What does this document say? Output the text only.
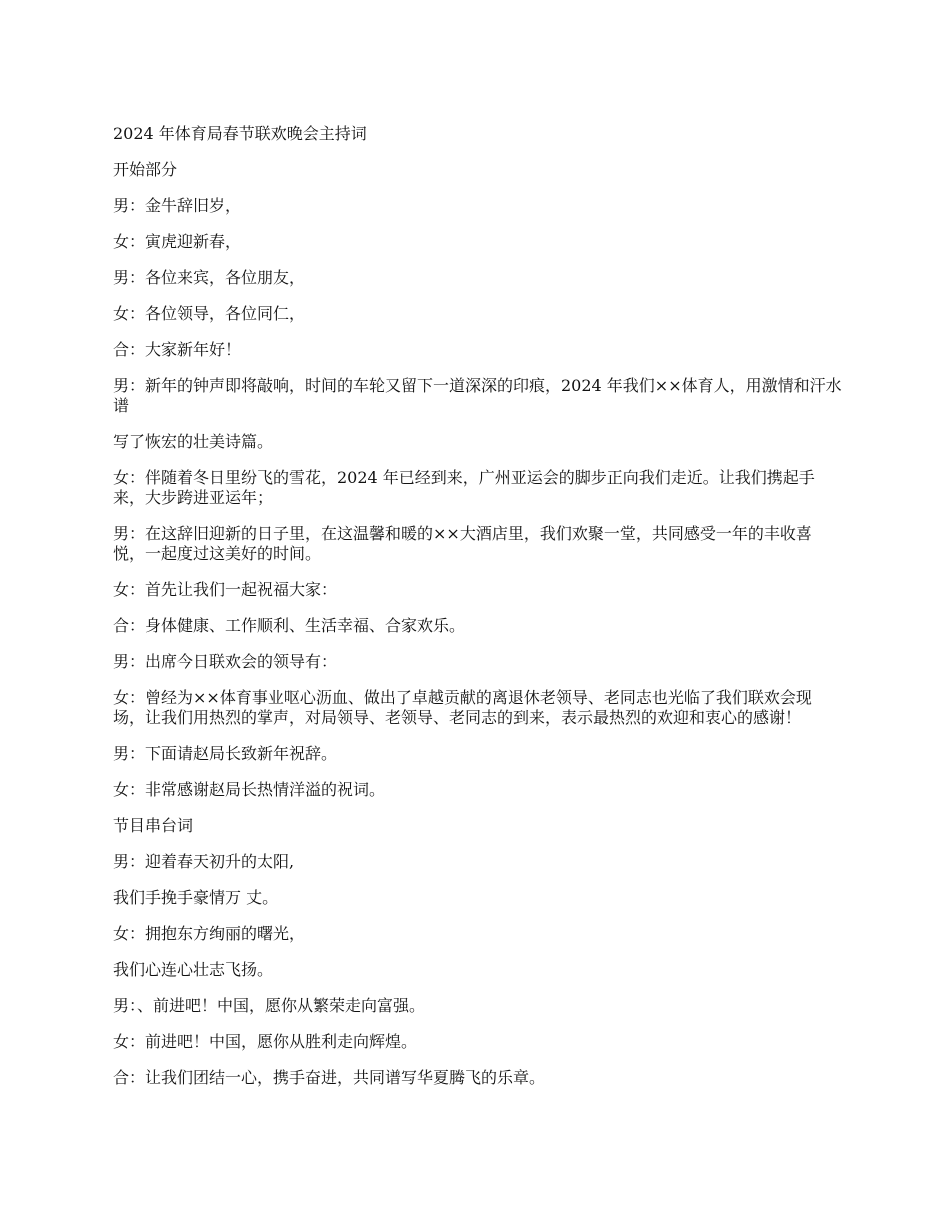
2024 年体育局春节联欢晚会主持词

开始部分

男：金牛辞旧岁，

女：寅虎迎新春，

男：各位来宾，各位朋友，

女：各位领导，各位同仁，

合：大家新年好！

男：新年的钟声即将敲响，时间的车轮又留下一道深深的印痕，2024 年我们××体育人，用激情和汗水谱

写了恢宏的壮美诗篇。

女：伴随着冬日里纷飞的雪花，2024 年已经到来，广州亚运会的脚步正向我们走近。让我们携起手来，大步跨进亚运年；

男：在这辞旧迎新的日子里，在这温馨和暖的××大酒店里，我们欢聚一堂，共同感受一年的丰收喜悦，一起度过这美好的时间。

女：首先让我们一起祝福大家：

合：身体健康、工作顺利、生活幸福、合家欢乐。

男：出席今日联欢会的领导有：

女：曾经为××体育事业呕心沥血、做出了卓越贡献的离退休老领导、老同志也光临了我们联欢会现场，让我们用热烈的掌声，对局领导、老领导、老同志的到来，表示最热烈的欢迎和衷心的感谢！

男：下面请赵局长致新年祝辞。

女：非常感谢赵局长热情洋溢的祝词。

节目串台词

男：迎着春天初升的太阳,

我们手挽手豪情万 丈。

女：拥抱东方绚丽的曙光，

我们心连心壮志飞扬。

男：、前进吧！中国，愿你从繁荣走向富强。

女：前进吧！中国，愿你从胜利走向辉煌。

合：让我们团结一心，携手奋进，共同谱写华夏腾飞的乐章。
